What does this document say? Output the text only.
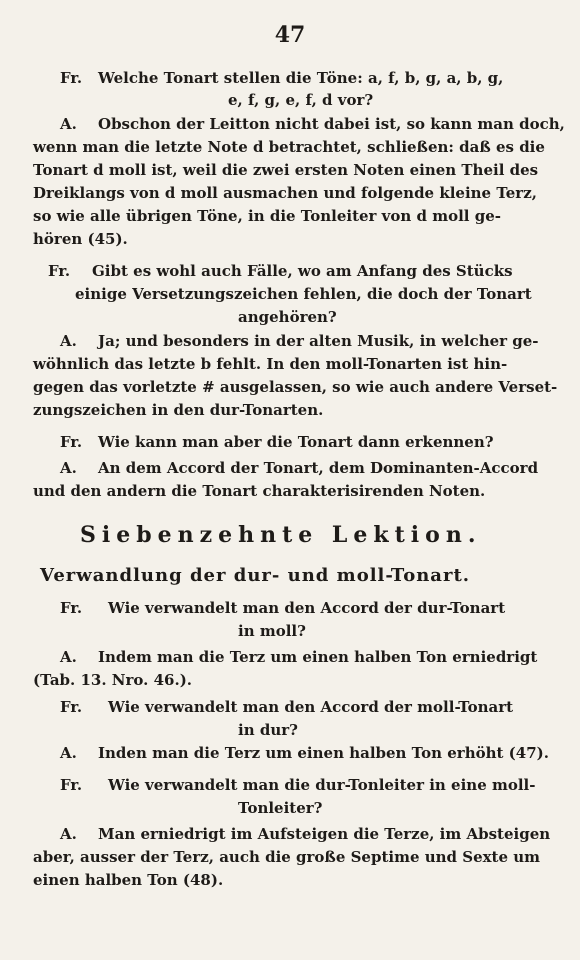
47
Fr. Welche Tonart stellen die Töne: a, f, b, g, a, b, g,
e, f, g, e, f, d vor?
A. Obschon der Leitton nicht dabei ist, so kann man doch,
wenn man die letzte Note d betrachtet, schließen: daß es die
Tonart d moll ist, weil die zwei ersten Noten einen Theil des
Dreiklangs von d moll ausmachen und folgende kleine Terz,
so wie alle übrigen Töne, in die Tonleiter von d moll ge-
hören (45).
Fr. Gibt es wohl auch Fälle, wo am Anfang des Stücks
einige Versetzungszeichen fehlen, die doch der Tonart
angehören?
A. Ja; und besonders in der alten Musik, in welcher ge-
wöhnlich das letzte b fehlt. In den moll-Tonarten ist hin-
gegen das vorletzte # ausgelassen, so wie auch andere Verset-
zungszeichen in den dur-Tonarten.
Fr. Wie kann man aber die Tonart dann erkennen?
A. An dem Accord der Tonart, dem Dominanten-Accord
und den andern die Tonart charakterisirenden Noten.
Siebenzehnte Lektion.
Verwandlung der dur- und moll-Tonart.
Fr. Wie verwandelt man den Accord der dur-Tonart
in moll?
A. Indem man die Terz um einen halben Ton erniedrigt
(Tab. 13. Nro. 46.).
Fr. Wie verwandelt man den Accord der moll-Tonart
in dur?
A. Inden man die Terz um einen halben Ton erhöht (47).
Fr. Wie verwandelt man die dur-Tonleiter in eine moll-
Tonleiter?
A. Man erniedrigt im Aufsteigen die Terze, im Absteigen
aber, ausser der Terz, auch die große Septime und Sexte um
einen halben Ton (48).
